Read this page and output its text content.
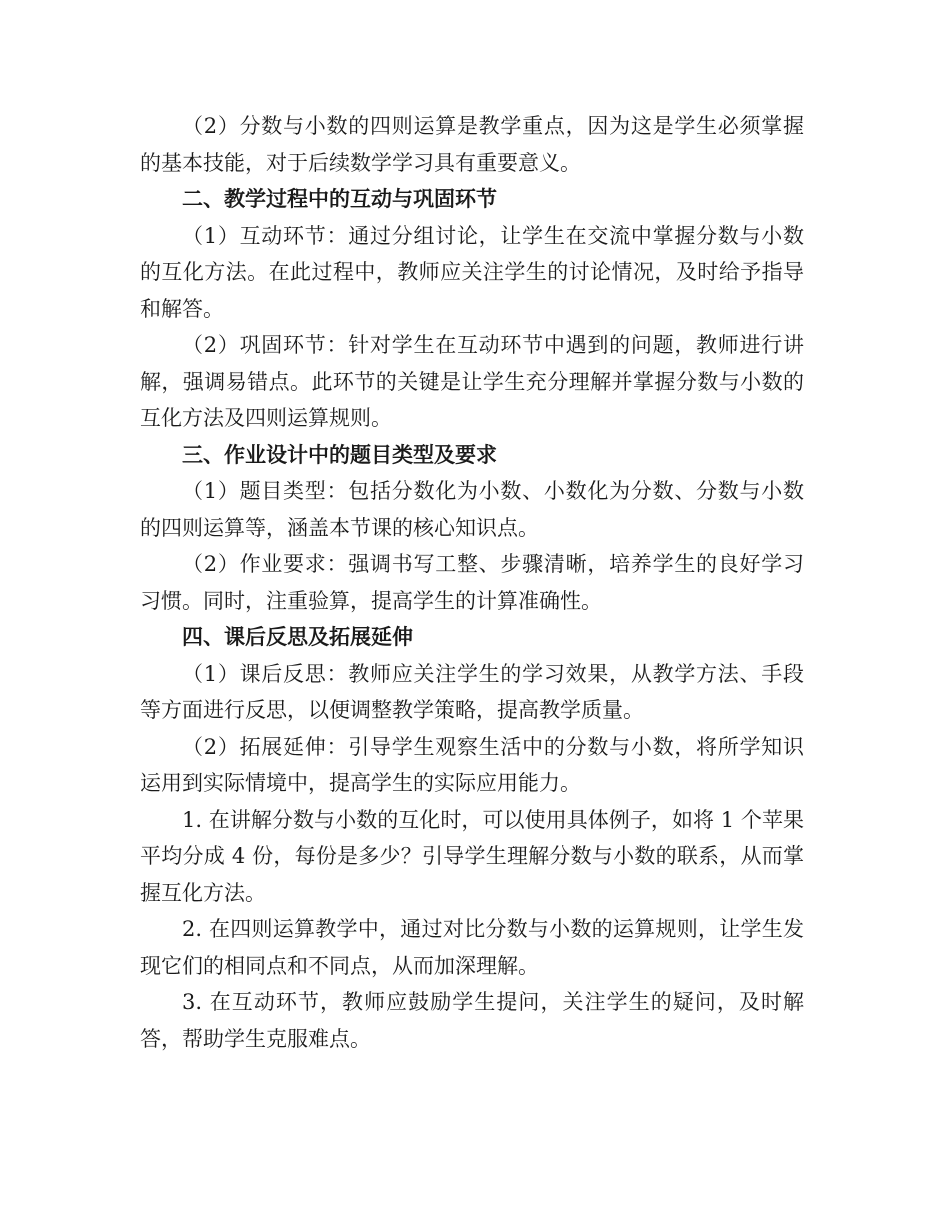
（2）分数与小数的四则运算是教学重点，因为这是学生必须掌握的基本技能，对于后续数学学习具有重要意义。

二、教学过程中的互动与巩固环节

（1）互动环节：通过分组讨论，让学生在交流中掌握分数与小数的互化方法。在此过程中，教师应关注学生的讨论情况，及时给予指导和解答。

（2）巩固环节：针对学生在互动环节中遇到的问题，教师进行讲解，强调易错点。此环节的关键是让学生充分理解并掌握分数与小数的互化方法及四则运算规则。

三、作业设计中的题目类型及要求

（1）题目类型：包括分数化为小数、小数化为分数、分数与小数的四则运算等，涵盖本节课的核心知识点。

（2）作业要求：强调书写工整、步骤清晰，培养学生的良好学习习惯。同时，注重验算，提高学生的计算准确性。

四、课后反思及拓展延伸

（1）课后反思：教师应关注学生的学习效果，从教学方法、手段等方面进行反思，以便调整教学策略，提高教学质量。

（2）拓展延伸：引导学生观察生活中的分数与小数，将所学知识运用到实际情境中，提高学生的实际应用能力。

1. 在讲解分数与小数的互化时，可以使用具体例子，如将 1 个苹果平均分成 4 份，每份是多少？引导学生理解分数与小数的联系，从而掌握互化方法。

2. 在四则运算教学中，通过对比分数与小数的运算规则，让学生发现它们的相同点和不同点，从而加深理解。

3. 在互动环节，教师应鼓励学生提问，关注学生的疑问，及时解答，帮助学生克服难点。
